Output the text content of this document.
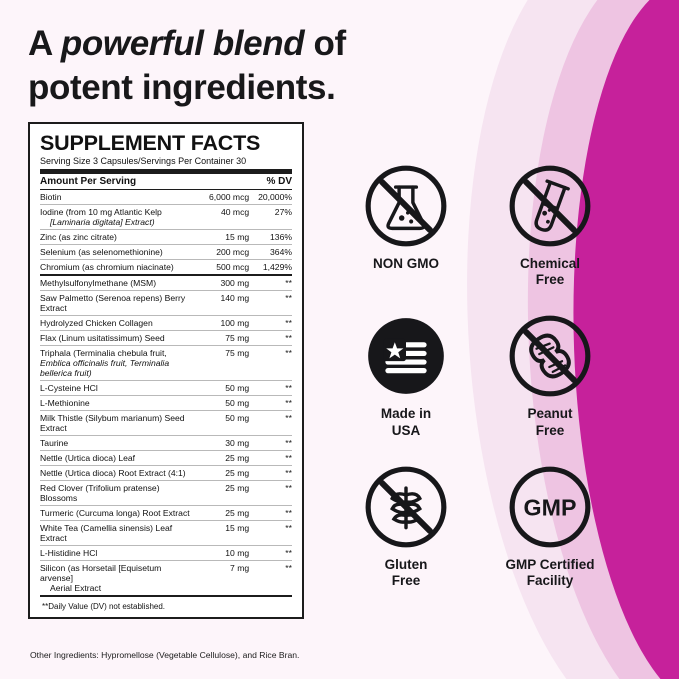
A powerful blend of
potent ingredients.
SUPPLEMENT FACTS
Serving Size 3 Capsules/Servings Per Container 30
Amount Per Serving		% DV
Biotin	6,000 mcg	20,000%
Iodine (from 10 mg Atlantic Kelp
[Laminaria digitata] Extract)	40 mcg	27%
Zinc (as zinc citrate)	15 mg	136%
Selenium (as selenomethionine)	200 mcg	364%
Chromium (as chromium niacinate)	500 mcg	1,429%
Methylsulfonylmethane (MSM)	300 mg	**
Saw Palmetto (Serenoa repens) Berry Extract	140 mg	**
Hydrolyzed Chicken Collagen	100 mg	**
Flax (Linum usitatissimum) Seed	75 mg	**
Triphala (Terminalia chebula fruit,
Emblica officinalis fruit, Terminalia bellerica fruit)	75 mg	**
L-Cysteine HCl	50 mg	**
L-Methionine	50 mg	**
Milk Thistle (Silybum marianum) Seed Extract	50 mg	**
Taurine	30 mg	**
Nettle (Urtica dioca) Leaf	25 mg	**
Nettle (Urtica dioca) Root Extract (4:1)	25 mg	**
Red Clover (Trifolium pratense) Blossoms	25 mg	**
Turmeric (Curcuma longa) Root Extract	25 mg	**
White Tea (Camellia sinensis) Leaf Extract	15 mg	**
L-Histidine HCl	10 mg	**
Silicon (as Horsetail [Equisetum arvense]
Aerial Extract	7 mg	**
**Daily Value (DV) not established.
Other Ingredients: Hypromellose (Vegetable Cellulose), and Rice Bran.
NON GMO	Chemical
Free
Made in
USA
Peanut
Free
Gluten
Free
GMP
GMP Certified
Facility
